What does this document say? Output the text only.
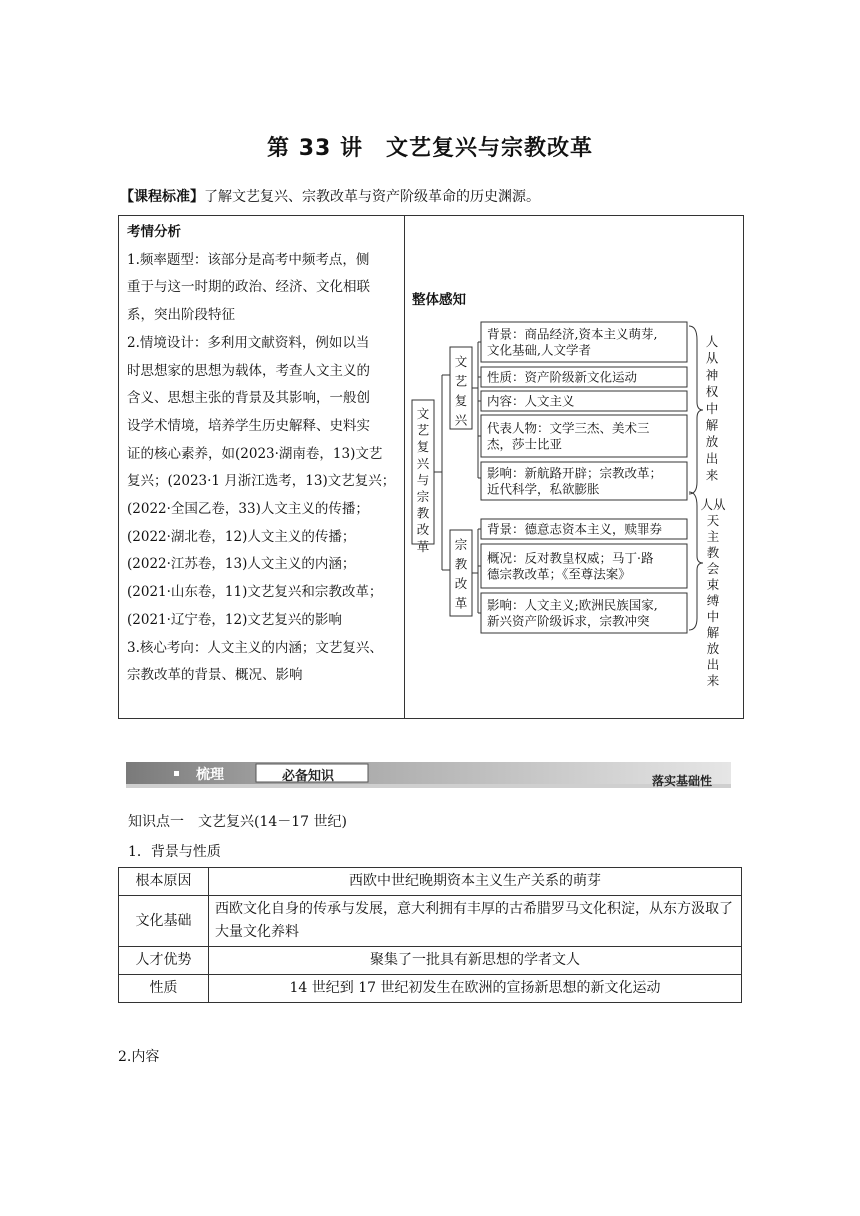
第 33 讲　文艺复兴与宗教改革
【课程标准】了解文艺复兴、宗教改革与资产阶级革命的历史渊源。

考情分析

1.频率题型：该部分是高考中频考点，侧

重于与这一时期的政治、经济、文化相联

系，突出阶段特征

2.情境设计：多利用文献资料，例如以当

时思想家的思想为载体，考查人文主义的

含义、思想主张的背景及其影响，一般创

设学术情境，培养学生历史解释、史料实

证的核心素养，如(2023·湖南卷，13)文艺

复兴；(2023·1 月浙江选考，13)文艺复兴；

(2022·全国乙卷，33)人文主义的传播；

(2022·湖北卷，12)人文主义的传播；

(2022·江苏卷，13)人文主义的内涵；

(2021·山东卷，11)文艺复兴和宗教改革；

(2021·辽宁卷，12)文艺复兴的影响

3.核心考向：人文主义的内涵；文艺复兴、

宗教改革的背景、概况、影响

整体感知
文
艺
复
兴
与
宗
教
改
革
文
艺
复
兴
宗
教
改
革
背景：商品经济,资本主义萌芽,
文化基础,人文学者
性质：资产阶级新文化运动
内容：人文主义
代表人物：文学三杰、美术三
杰，莎士比亚
影响：新航路开辟；宗教改革；
近代科学，私欲膨胀
背景：德意志资本主义，赎罪券
概况：反对教皇权威；马丁·路
德宗教改革；《至尊法案》
影响：人文主义;欧洲民族国家,
新兴资产阶级诉求，宗教冲突
人
从
神
权
中
解
放
出
来
人从
天
主
教
会
束
缚
中
解
放
出
来
梳理	必备知识	落实基础性
知识点一　文艺复兴(14－17 世纪)
1．背景与性质
根本原因	西欧中世纪晚期资本主义生产关系的萌芽
文化基础	西欧文化自身的传承与发展，意大利拥有丰厚的古希腊罗马文化积淀，从东方汲取了大量文化养料
人才优势	聚集了一批具有新思想的学者文人
性质	14 世纪到 17 世纪初发生在欧洲的宣扬新思想的新文化运动
2.内容
